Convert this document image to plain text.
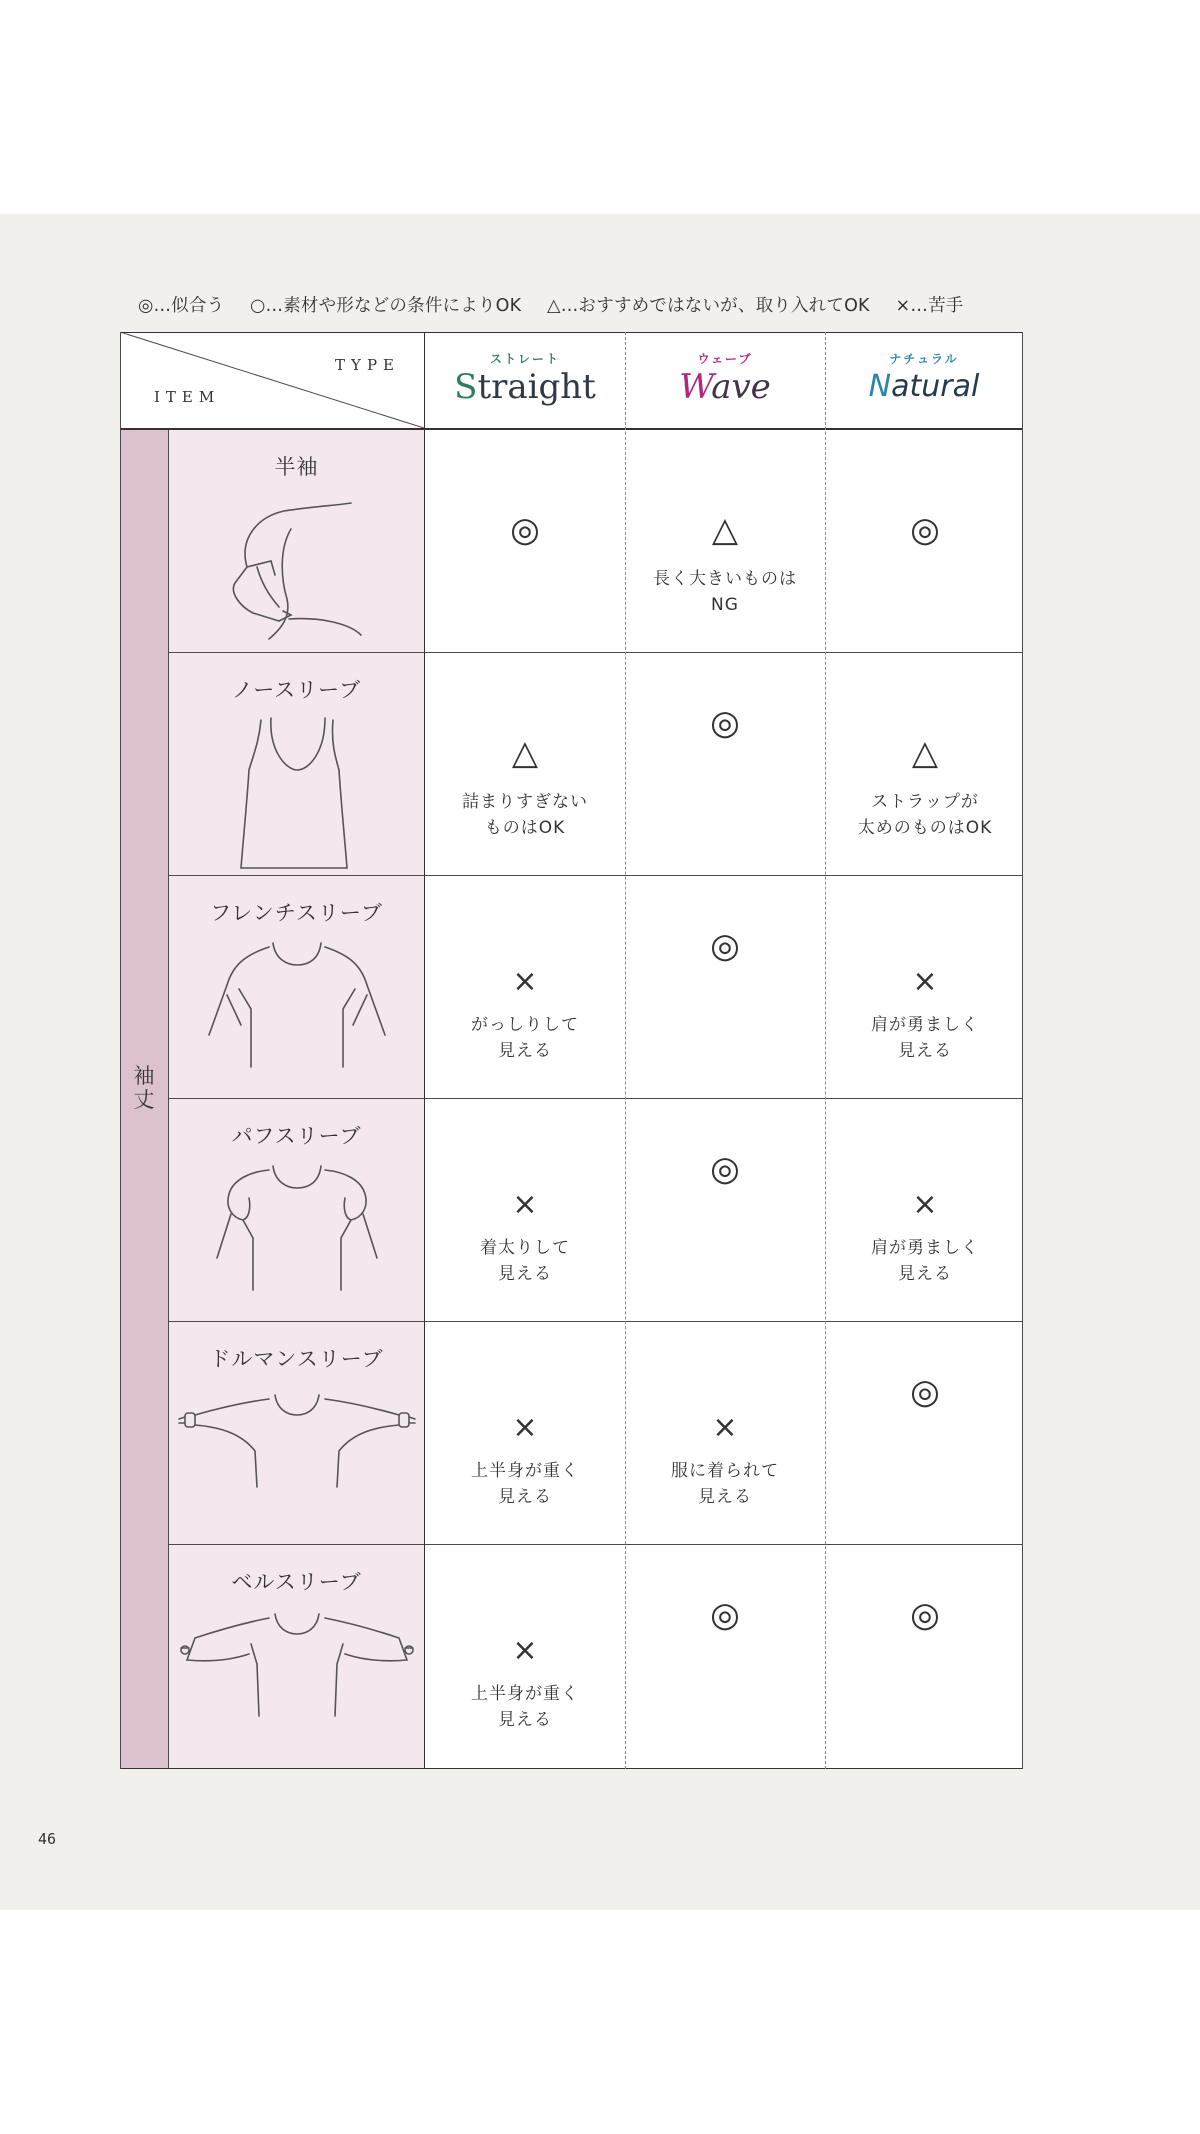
◎…似合う ○…素材や形などの条件によりOK △…おすすめではないが、取り入れてOK ×…苦手
TYPE
ITEM
ストレート
Straight
ウェーブ
Wave
ナチュラル
Natural
袖丈
半袖
◎	△
長く大きいものは
NG
◎
ノースリーブ
△
詰まりすぎない
ものはOK
◎
△
ストラップが
太めのものはOK
フレンチスリーブ
×
がっしりして
見える
◎
×
肩が勇ましく
見える
パフスリーブ
×
着太りして
見える
◎
×
肩が勇ましく
見える
ドルマンスリーブ
×
上半身が重く
見える
×
服に着られて
見える
◎
ベルスリーブ
×
上半身が重く
見える
◎	◎
46
